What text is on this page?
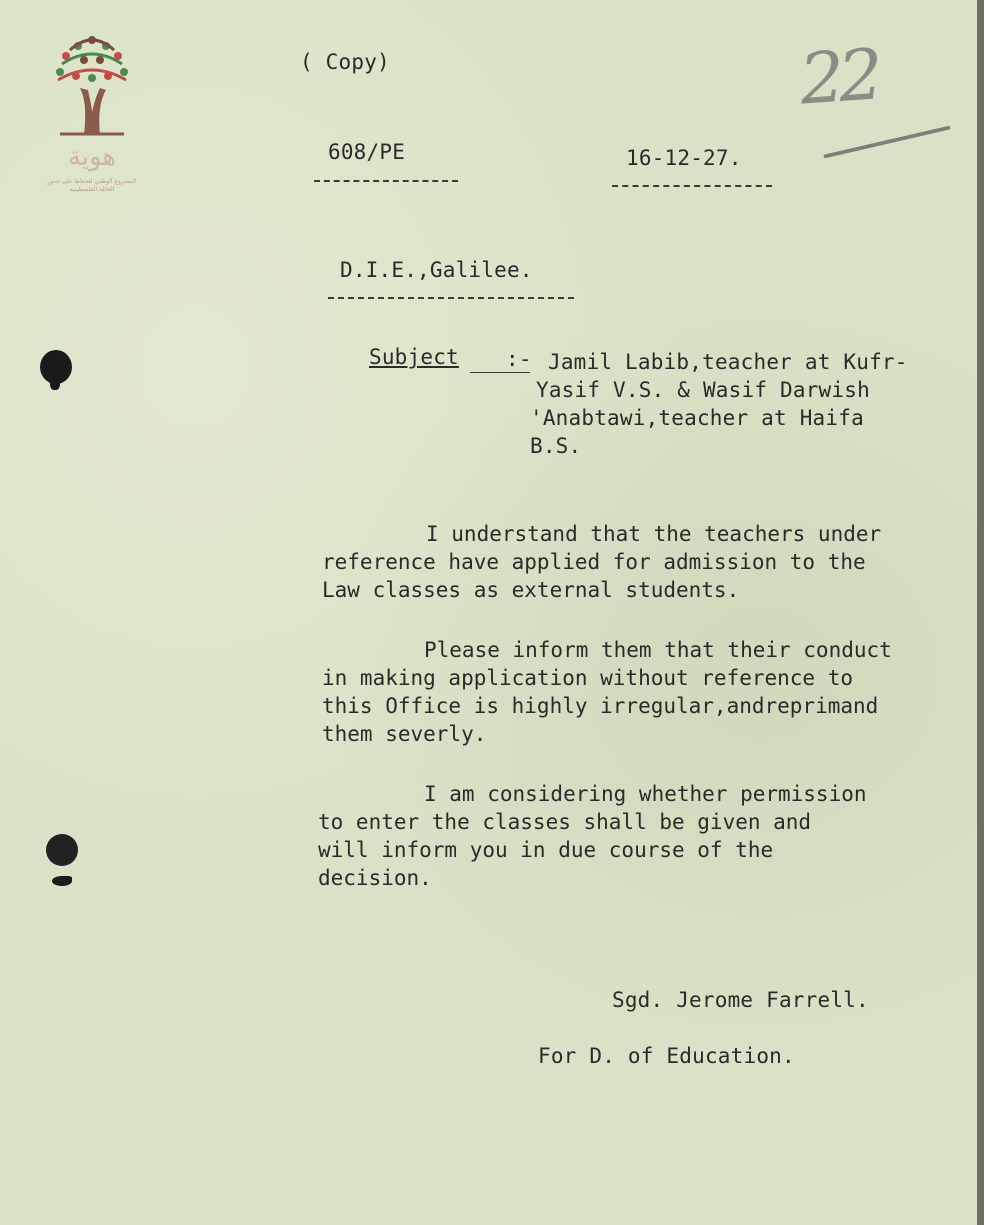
هوية
المشروع الوطني للحفاظ على جذور العائلة الفلسطينية
22
( Copy)
608/PE	16-12-27.
D.I.E.,Galilee.
Subject :- Jamil Labib,teacher at Kufr-
Yasif V.S. & Wasif Darwish
'Anabtawi,teacher at Haifa
B.S.
I understand that the teachers under
reference have applied for admission to the
Law classes as external students.
Please inform them that their conduct
in making application without reference to
this Office is highly irregular,andreprimand
them severly.
I am considering whether permission
to enter the classes shall be given and
will inform you in due course of the
decision.
Sgd. Jerome Farrell.
For D. of Education.
